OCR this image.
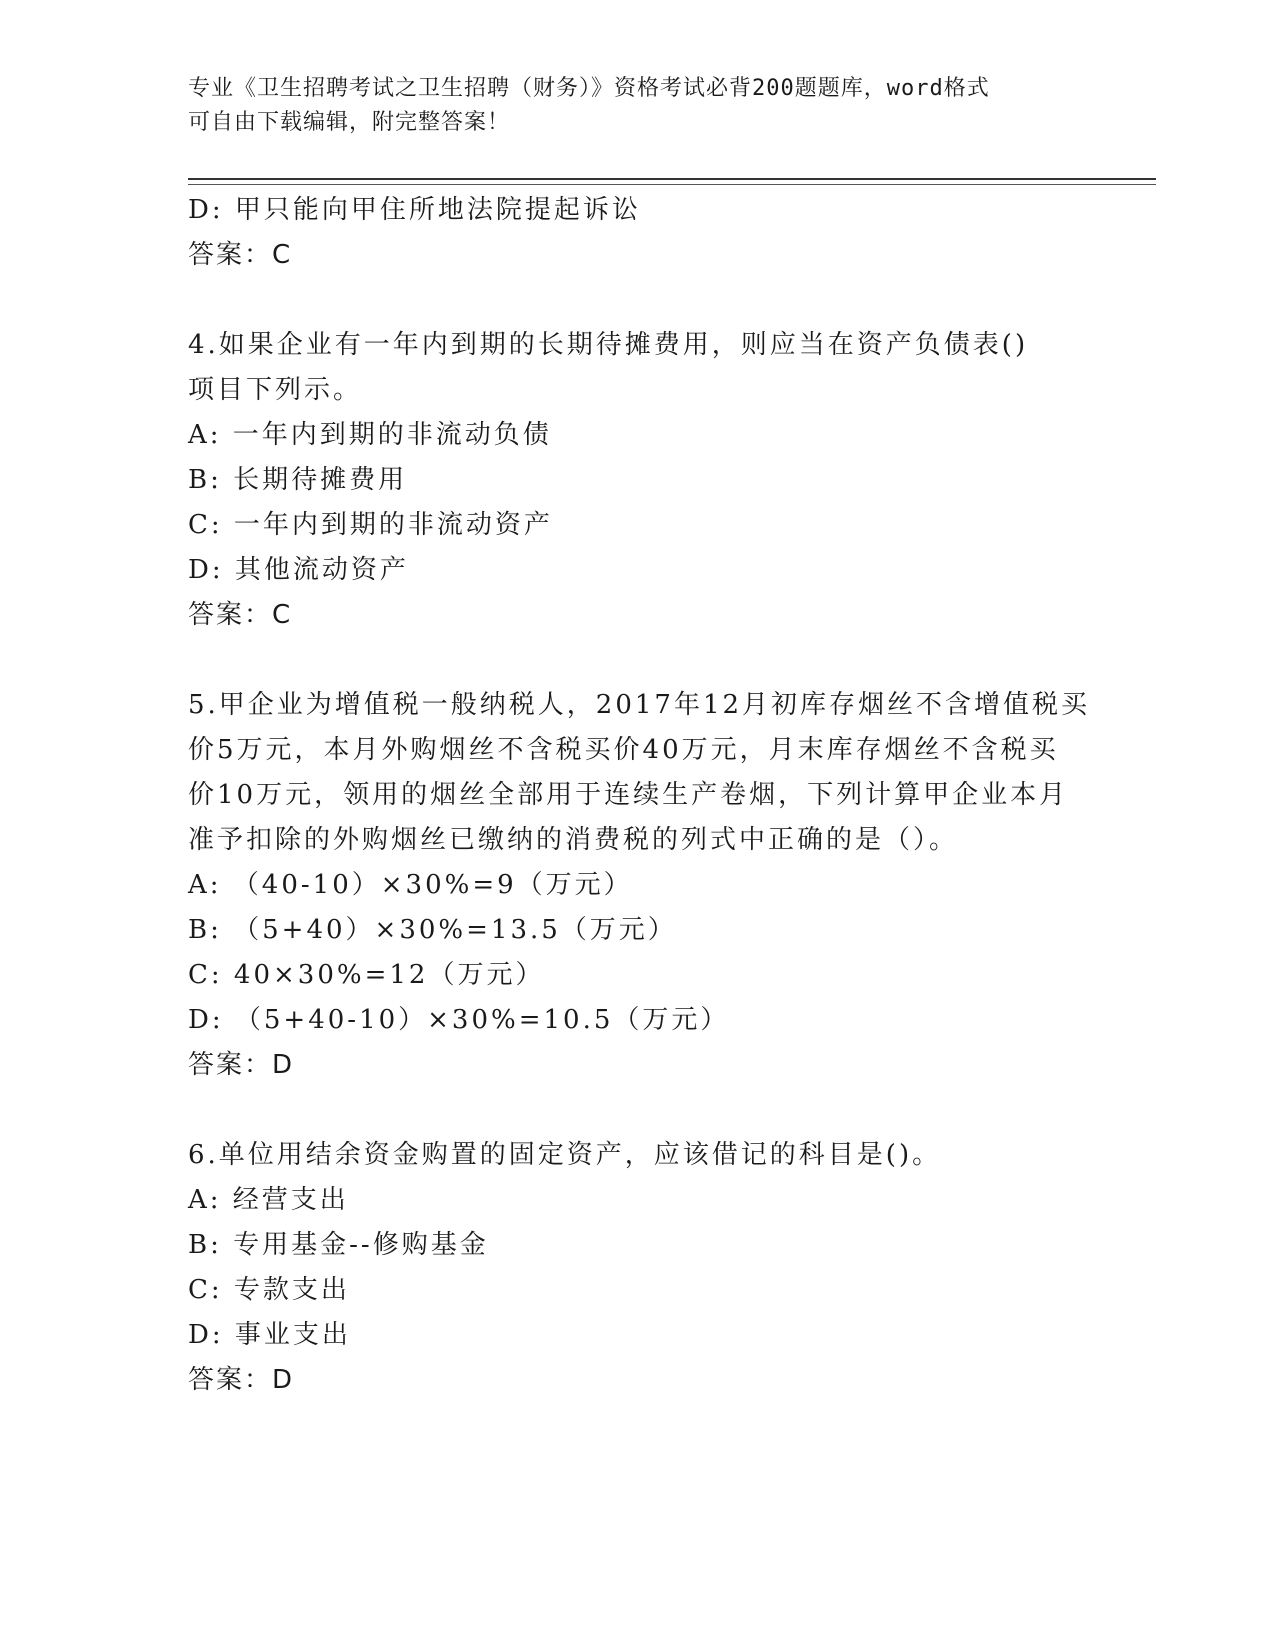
专业《卫生招聘考试之卫生招聘（财务）》资格考试必背200题题库，word格式
可自由下载编辑，附完整答案！
D: 甲只能向甲住所地法院提起诉讼
答案：C
4.如果企业有一年内到期的长期待摊费用，则应当在资产负债表()
项目下列示。
A: 一年内到期的非流动负债
B: 长期待摊费用
C: 一年内到期的非流动资产
D: 其他流动资产
答案：C
5.甲企业为增值税一般纳税人，2017年12月初库存烟丝不含增值税买
价5万元，本月外购烟丝不含税买价40万元，月末库存烟丝不含税买
价10万元，领用的烟丝全部用于连续生产卷烟，下列计算甲企业本月
准予扣除的外购烟丝已缴纳的消费税的列式中正确的是（）。
A: （40-10）×30%=9（万元）
B: （5+40）×30%=13.5（万元）
C: 40×30%=12（万元）
D: （5+40-10）×30%=10.5（万元）
答案：D
6.单位用结余资金购置的固定资产，应该借记的科目是()。
A: 经营支出
B: 专用基金--修购基金
C: 专款支出
D: 事业支出
答案：D
